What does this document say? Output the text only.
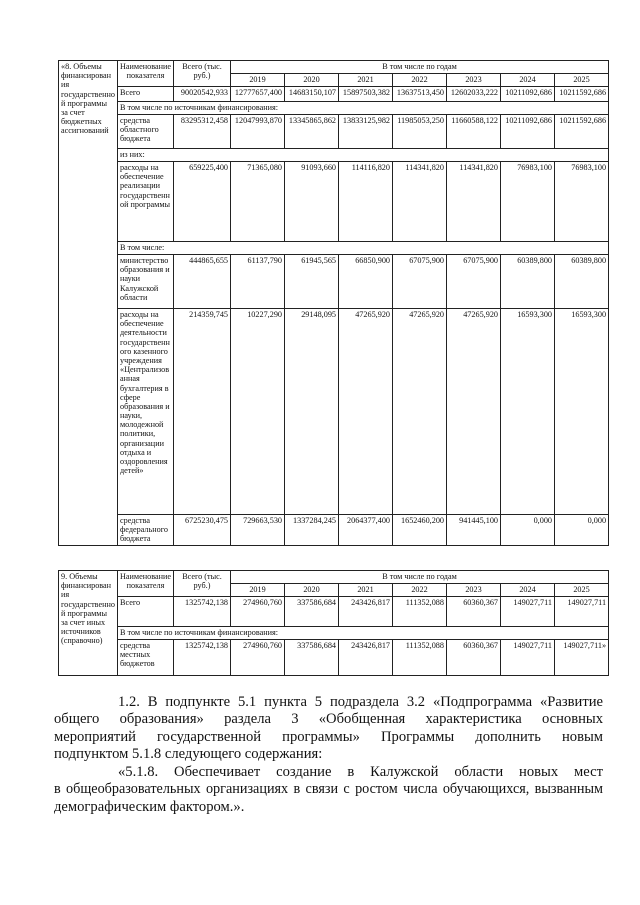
«8. Объемы финансирования государственной программы за счет бюджетных ассигнований	Наименование показателя	Всего (тыс. руб.)	В том числе по годам						
			2019	2020	2021	2022	2023	2024	2025
	Всего	90020542,933	12777657,400	14683150,107	15897503,382	13637513,450	12602033,222	10211092,686	10211592,686
	В том числе по источникам финансирования:								
	средства областного бюджета	83295312,458	12047993,870	13345865,862	13833125,982	11985053,250	11660588,122	10211092,686	10211592,686
	из них:								
	расходы на обеспечение реализации государственной программы	659225,400	71365,080	91093,660	114116,820	114341,820	114341,820	76983,100	76983,100
	В том числе:								
	министерство образования и науки Калужской области	444865,655	61137,790	61945,565	66850,900	67075,900	67075,900	60389,800	60389,800
	расходы на обеспечение деятельности государственного казенного учреждения «Централизованная бухгалтерия в сфере образования и науки, молодежной политики, организации отдыха и оздоровления детей»	214359,745	10227,290	29148,095	47265,920	47265,920	47265,920	16593,300	16593,300
	средства федерального бюджета	6725230,475	729663,530	1337284,245	2064377,400	1652460,200	941445,100	0,000	0,000
9. Объемы финансирования государственной программы за счет иных источников (справочно)	Наименование показателя	Всего (тыс. руб.)	В том числе по годам						
			2019	2020	2021	2022	2023	2024	2025
	Всего	1325742,138	274960,760	337586,684	243426,817	111352,088	60360,367	149027,711	149027,711
	В том числе по источникам финансирования:								
	средства местных бюджетов	1325742,138	274960,760	337586,684	243426,817	111352,088	60360,367	149027,711	149027,711»
1.2. В подпункте 5.1 пункта 5 подраздела 3.2 «Подпрограмма «Развитие
общего образования» раздела 3 «Обобщенная характеристика основных
мероприятий государственной программы» Программы дополнить новым
подпунктом 5.1.8 следующего содержания:
«5.1.8. Обеспечивает создание в Калужской области новых мест
в общеобразовательных организациях в связи с ростом числа обучающихся, вызванным
демографическим фактором.».
